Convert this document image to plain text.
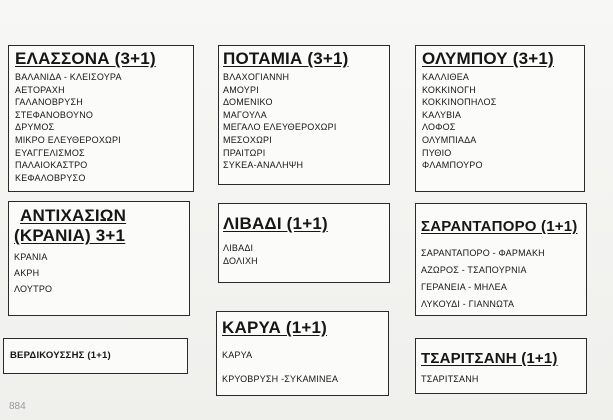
ΕΛΑΣΣΟΝΑ (3+1)
ΒΑΛΑΝΙΔΑ - ΚΛΕΙΣΟΥΡΑ
ΑΕΤΟΡΑΧΗ
ΓΑΛΑΝΟΒΡΥΣΗ
ΣΤΕΦΑΝΟΒΟΥΝΟ
ΔΡΥΜΟΣ
ΜΙΚΡΟ ΕΛΕΥΘΕΡΟΧΩΡΙ
ΕΥΑΓΓΕΛΙΣΜΟΣ
ΠΑΛΑΙΟΚΑΣΤΡΟ
ΚΕΦΑΛΟΒΡΥΣΟ
ΠΟΤΑΜΙΑ (3+1)
ΒΛΑΧΟΓΙΑΝΝΗ
ΑΜΟΥΡΙ
ΔΟΜΕΝΙΚΟ
ΜΑΓΟΥΛΑ
ΜΕΓΑΛΟ ΕΛΕΥΘΕΡΟΧΩΡΙ
ΜΕΣΟΧΩΡΙ
ΠΡΑΙΤΩΡΙ
ΣΥΚΕΑ-ΑΝΑΛΗΨΗ
ΟΛΥΜΠΟΥ (3+1)
ΚΑΛΛΙΘΕΑ
ΚΟΚΚΙΝΟΓΗ
ΚΟΚΚΙΝΟΠΗΛΟΣ
ΚΑΛΥΒΙΑ
ΛΟΦΟΣ
ΟΛΥΜΠΙΑΔΑ
ΠΥΘΙΟ
ΦΛΑΜΠΟΥΡΟ
ΑΝΤΙΧΑΣΙΩΝ
(ΚΡΑΝΙΑ) 3+1
ΚΡΑΝΙΑ
ΑΚΡΗ
ΛΟΥΤΡΟ
ΛΙΒΑΔΙ (1+1)
ΛΙΒΑΔΙ
ΔΟΛΙΧΗ
ΣΑΡΑΝΤΑΠΟΡΟ (1+1)
ΣΑΡΑΝΤΑΠΟΡΟ - ΦΑΡΜΑΚΗ
ΑΖΩΡΟΣ - ΤΣΑΠΟΥΡΝΙΑ
ΓΕΡΑΝΕΙΑ - ΜΗΛΕΑ
ΛΥΚΟΥΔΙ - ΓΙΑΝΝΩΤΑ
ΒΕΡΔΙΚΟΥΣΣΗΣ (1+1)
ΚΑΡΥΑ (1+1)
ΚΑΡΥΑ
ΚΡΥΟΒΡΥΣΗ -ΣΥΚΑΜΙΝΕΑ
ΤΣΑΡΙΤΣΑΝΗ (1+1)
ΤΣΑΡΙΤΣΑΝΗ
884
